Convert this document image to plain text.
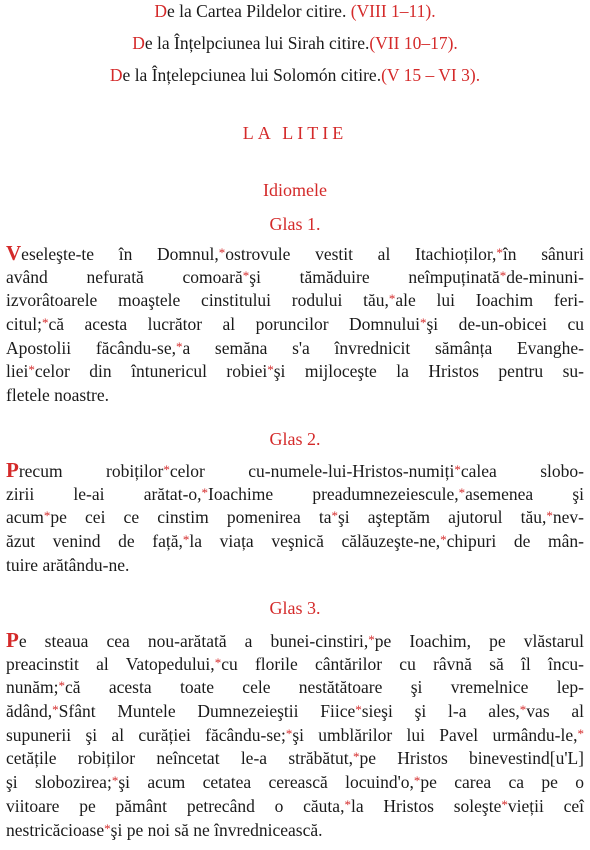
De la Cartea Pildelor citire. (VIII 1–11).
De la Înțelpciunea lui Sirah citire.(VII 10–17).
De la Înțelepciunea lui Solomón citire.(V 15 – VI 3).
LA LITIE
Idiomele
Glas 1.
Veseleşte-te în Domnul,*ostrovule vestit al Itachioților,*în sânuri
având nefurată comoară*şi tămăduire neîmpuținată*de-minuni-
izvorâtoarele moaştele cinstitului rodului tău,*ale lui Ioachim feri-
citul;*că acesta lucrător al poruncilor Domnului*şi de-un-obicei cu
Apostolii făcându-se,*a semăna s'a învrednicit sămânța Evanghe-
liei*celor din întunericul robiei*şi mijloceşte la Hristos pentru su-
fletele noastre.
Glas 2.
Precum robiților*celor cu-numele-lui-Hristos-numiți*calea slobo-
zirii le-ai arătat-o,*Ioachime preadumnezeiescule,*asemenea şi
acum*pe cei ce cinstim pomenirea ta*şi aşteptăm ajutorul tău,*nev-
ăzut venind de față,*la viața veşnică călăuzeşte-ne,*chipuri de mân-
tuire arătându-ne.
Glas 3.
Pe steaua cea nou-arătată a bunei-cinstiri,*pe Ioachim, pe vlăstarul
preacinstit al Vatopedului,*cu florile cântărilor cu râvnă să îl încu-
nunăm;*că acesta toate cele nestătătoare şi vremelnice lep-
ădând,*Sfânt Muntele Dumnezeieştii Fiice*sieşi şi l-a ales,*vas al
supunerii şi al curăției făcându-se;*şi umblărilor lui Pavel urmându-le,*
cetățile robiților neîncetat le-a străbătut,*pe Hristos binevestind[u'L]
şi slobozirea;*şi acum cetatea cerească locuind'o,*pe carea ca pe o
viitoare pe pământ petrecând o căuta,*la Hristos soleşte*vieții ceî
nestricăcioase*şi pe noi să ne învrednicească.
